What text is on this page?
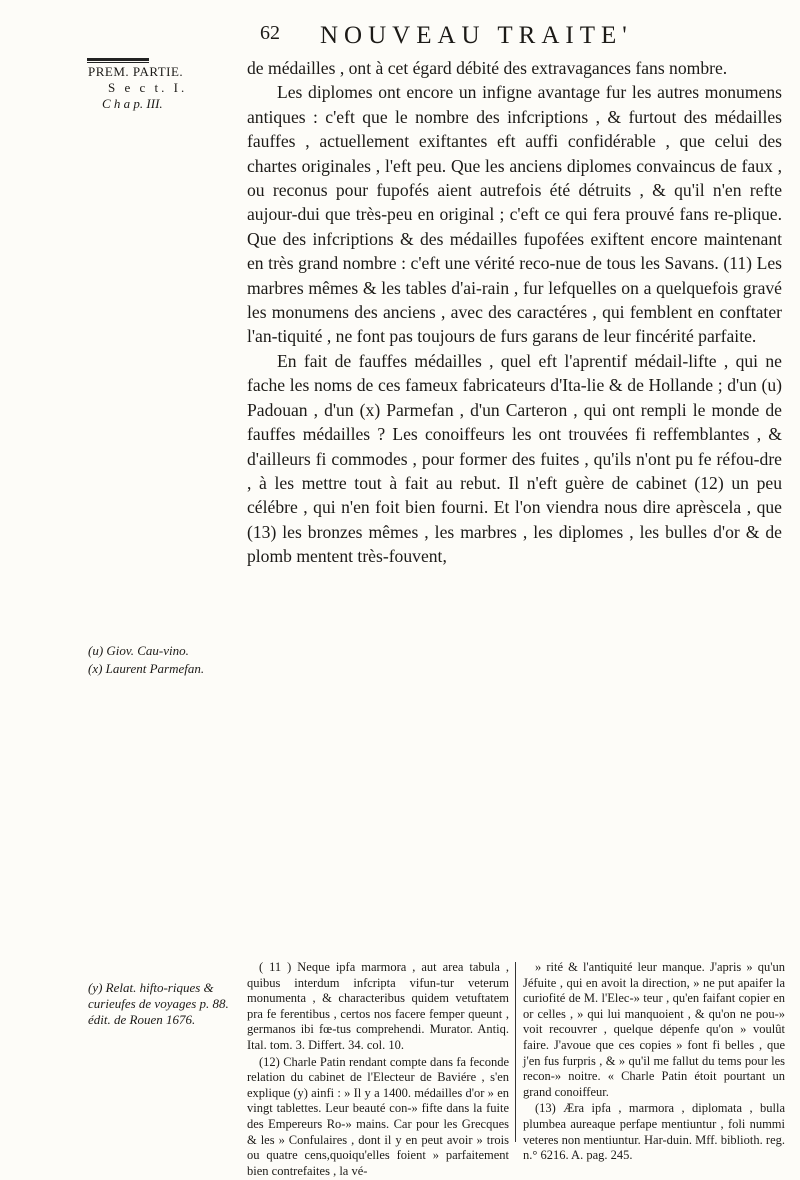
62 NOUVEAU TRAITE'
PREM. PARTIE.
S e c t. I.
C h a p. III.

de médailles , ont à cet égard débité des extravagances fans nombre.

Les diplomes ont encore un infigne avantage fur les autres monumens antiques : c'eft que le nombre des infcriptions , & furtout des médailles fauffes , actuellement exiftantes eft auffi confidérable , que celui des chartes originales , l'eft peu. Que les anciens diplomes convaincus de faux , ou reconus pour fupofés aient autrefois été détruits , & qu'il n'en refte aujour-dui que très-peu en original ; c'eft ce qui fera prouvé fans re-plique. Que des infcriptions & des médailles fupofées exiftent encore maintenant en très grand nombre : c'eft une vérité reco-nue de tous les Savans. (11) Les marbres mêmes & les tables d'ai-rain , fur lefquelles on a quelquefois gravé les monumens des anciens , avec des caractéres , qui femblent en conftater l'an-tiquité , ne font pas toujours de furs garans de leur fincérité parfaite.

En fait de fauffes médailles , quel eft l'aprentif médail-lifte , qui ne fache les noms de ces fameux fabricateurs d'Ita-lie & de Hollande ; d'un (u) Padouan , d'un (x) Parmefan , d'un Carteron , qui ont rempli le monde de fauffes médailles ? Les conoiffeurs les ont trouvées fi reffemblantes , & d'ailleurs fi commodes , pour former des fuites , qu'ils n'ont pu fe réfou-dre , à les mettre tout à fait au rebut. Il n'eft guère de cabinet (12) un peu célébre , qui n'en foit bien fourni. Et l'on viendra nous dire aprèscela , que (13) les bronzes mêmes , les marbres , les diplomes , les bulles d'or & de plomb mentent très-fouvent,

(u) Giov. Cau-vino.
(x) Laurent Parmefan.
(y) Relat. hifto-riques & curieufes de voyages p. 88. édit. de Rouen 1676.

( 11 ) Neque ipfa marmora , aut area tabula , quibus interdum infcripta vifun-tur veterum monumenta , & characteribus quidem vetuftatem pra fe ferentibus , certos nos facere femper queunt , germanos ibi fœ-tus comprehendi. Murator. Antiq. Ital. tom. 3. Differt. 34. col. 10.

(12) Charle Patin rendant compte dans fa feconde relation du cabinet de l'Electeur de Baviére , s'en explique (y) ainfi : » Il y a 1400. médailles d'or » en vingt tablettes. Leur beauté con-» fifte dans la fuite des Empereurs Ro-» mains. Car pour les Grecques & les » Confulaires , dont il y en peut avoir » trois ou quatre cens,quoiqu'elles foient » parfaitement bien contrefaites , la vé-

» rité & l'antiquité leur manque. J'apris » qu'un Jéfuite , qui en avoit la direction, » ne put apaifer la curiofité de M. l'Elec-» teur , qu'en faifant copier en or celles , » qui lui manquoient , & qu'on ne pou-» voit recouvrer , quelque dépenfe qu'on » voulût faire. J'avoue que ces copies » font fi belles , que j'en fus furpris , & » qu'il me fallut du tems pour les recon-» noitre. « Charle Patin étoit pourtant un grand conoiffeur.

(13) Æra ipfa , marmora , diplomata , bulla plumbea aureaque perfape mentiuntur , foli nummi veteres non mentiuntur. Har-duin. Mff. biblioth. reg. n.° 6216. A. pag. 245.
